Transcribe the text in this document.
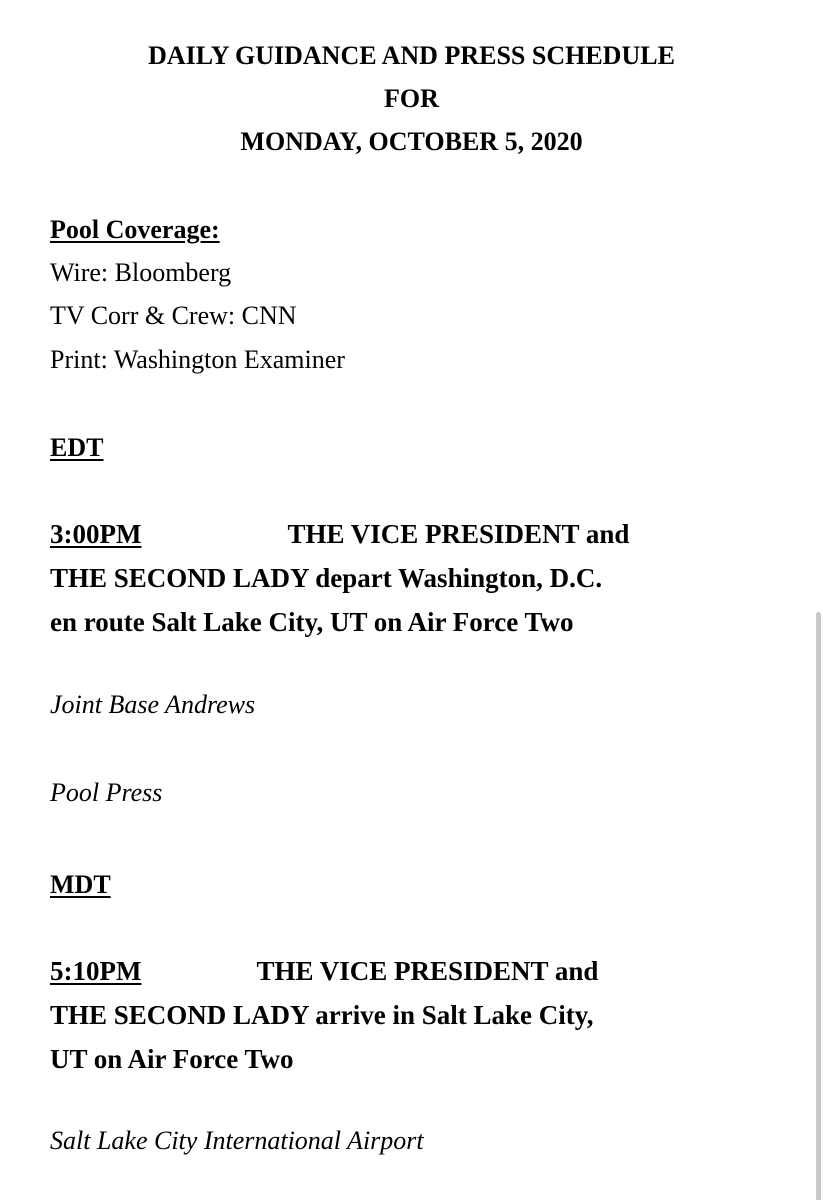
DAILY GUIDANCE AND PRESS SCHEDULE
FOR
MONDAY, OCTOBER 5, 2020
Pool Coverage:
Wire: Bloomberg
TV Corr & Crew: CNN
Print: Washington Examiner
EDT
3:00PM	THE VICE PRESIDENT and
THE SECOND LADY depart Washington, D.C.
en route Salt Lake City, UT on Air Force Two
Joint Base Andrews
Pool Press
MDT
5:10PM	THE VICE PRESIDENT and
THE SECOND LADY arrive in Salt Lake City,
UT on Air Force Two
Salt Lake City International Airport
